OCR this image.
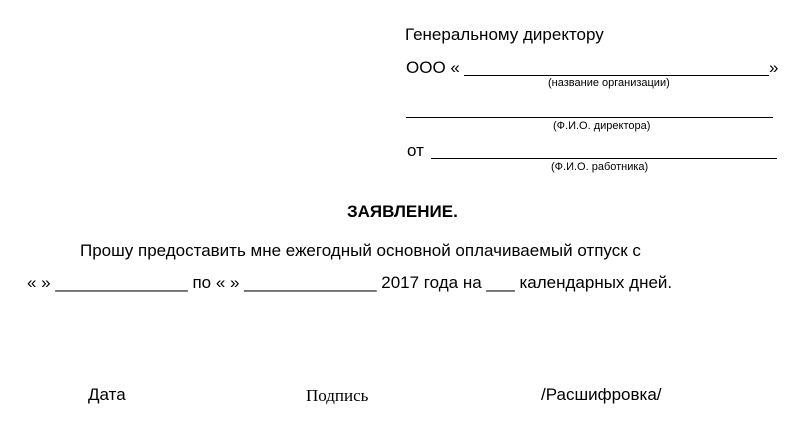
Генеральному директору
ООО «	»
(название организации)
(Ф.И.О. директора)
от
(Ф.И.О. работника)
ЗАЯВЛЕНИЕ.
Прошу предоставить мне ежегодный основной оплачиваемый отпуск с
« » ______________ по « » ______________ 2017 года на ___ календарных дней.
Дата	Подпись	/Расшифровка/
